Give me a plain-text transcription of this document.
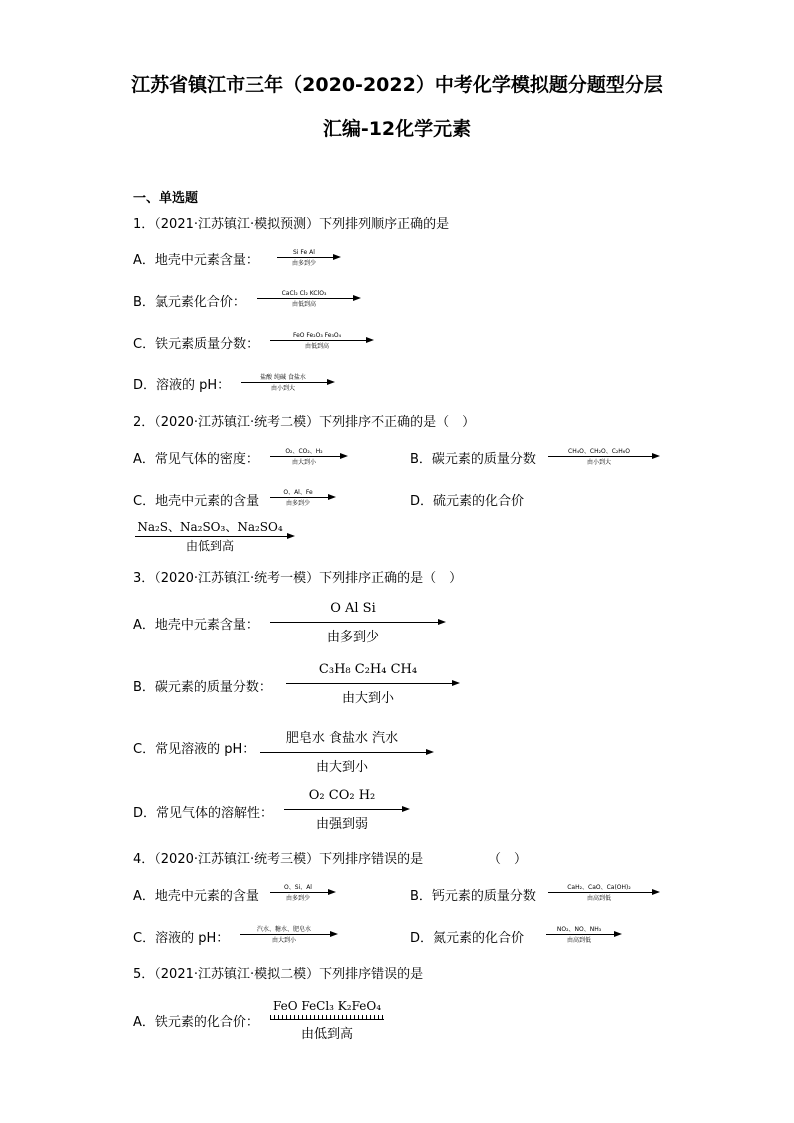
江苏省镇江市三年（2020-2022）中考化学模拟题分题型分层
汇编-12化学元素
一、单选题
1．（2021·江苏镇江·模拟预测）下列排列顺序正确的是
A．地壳中元素含量：
Si Fe Al
由多到少
B．氯元素化合价：
CaCl₂ Cl₂ KClO₃
由低到高
C．铁元素质量分数：
FeO Fe₂O₃ Fe₃O₄
由低到高
D．溶液的 pH：
盐酸 纯碱 食盐水
由小到大
2．（2020·江苏镇江·统考二模）下列排序不正确的是（　）
A．常见气体的密度：
O₂、CO₂、H₂
由大到小	B．碳元素的质量分数
CH₄O、CH₂O、C₂H₆O
由小到大
C．地壳中元素的含量
O、Al、Fe
由多到少	D．硫元素的化合价
Na₂S、Na₂SO₃、Na₂SO₄
由低到高
3．（2020·江苏镇江·统考一模）下列排序正确的是（　）
A．地壳中元素含量：
O Al Si
由多到少
B．碳元素的质量分数：
C₃H₈ C₂H₄ CH₄
由大到小
C．常见溶液的 pH：
肥皂水 食盐水 汽水
由大到小
D．常见气体的溶解性：
O₂ CO₂ H₂
由强到弱
4．（2020·江苏镇江·统考三模）下列排序错误的是	（　）
A．地壳中元素的含量
O、Si、Al
由多到少	B．钙元素的质量分数
CaH₂、CaO、Ca(OH)₂
由高到低
C．溶液的 pH：
汽水、糖水、肥皂水
由大到小	D．氮元素的化合价
NO₂、NO、NH₃
由高到低
5．（2021·江苏镇江·模拟二模）下列排序错误的是
A．铁元素的化合价：
FeO FeCl₃ K₂FeO₄
由低到高
